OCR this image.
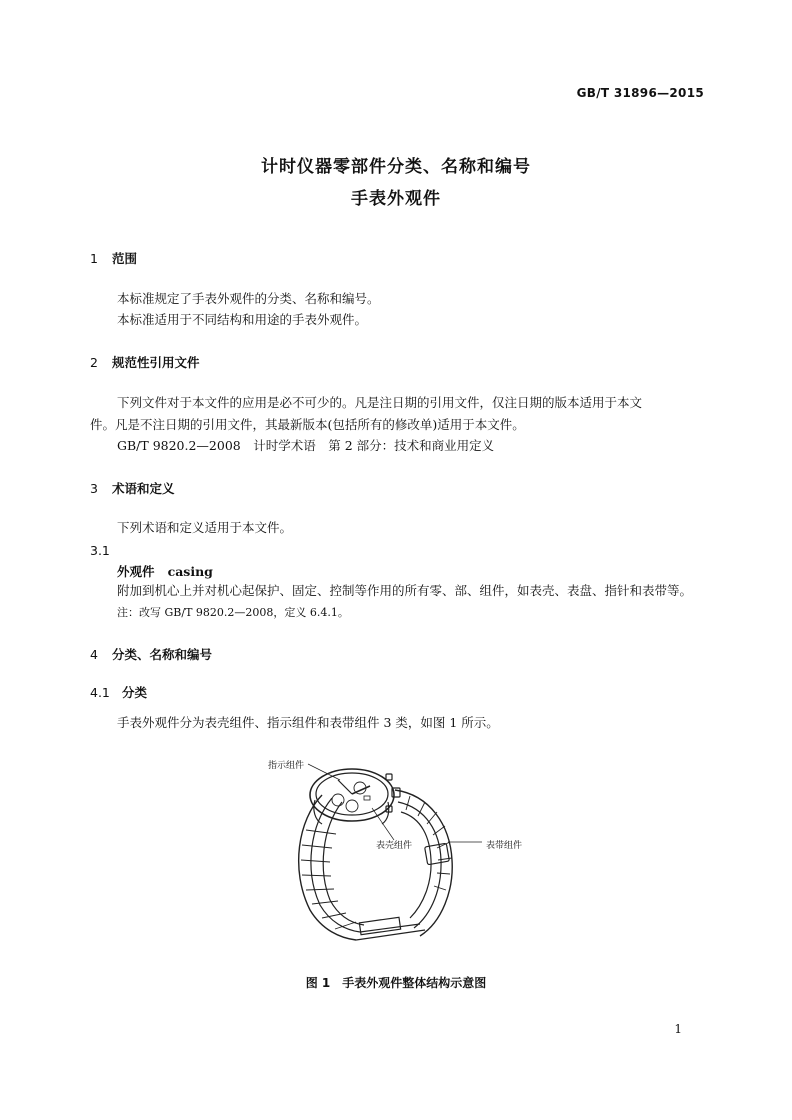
GB/T 31896—2015
计时仪器零部件分类、名称和编号
手表外观件
1 范围
本标准规定了手表外观件的分类、名称和编号。
本标准适用于不同结构和用途的手表外观件。
2 规范性引用文件
下列文件对于本文件的应用是必不可少的。凡是注日期的引用文件，仅注日期的版本适用于本文
件。凡是不注日期的引用文件，其最新版本(包括所有的修改单)适用于本文件。
GB/T 9820.2—2008　计时学术语　第 2 部分：技术和商业用定义
3 术语和定义
下列术语和定义适用于本文件。
3.1
外观件 casing
附加到机心上并对机心起保护、固定、控制等作用的所有零、部、组件，如表壳、表盘、指针和表带等。
注：改写 GB/T 9820.2—2008，定义 6.4.1。
4 分类、名称和编号
4.1 分类
手表外观件分为表壳组件、指示组件和表带组件 3 类，如图 1 所示。
指示组件
表壳组件	表带组件
图 1　手表外观件整体结构示意图
1
